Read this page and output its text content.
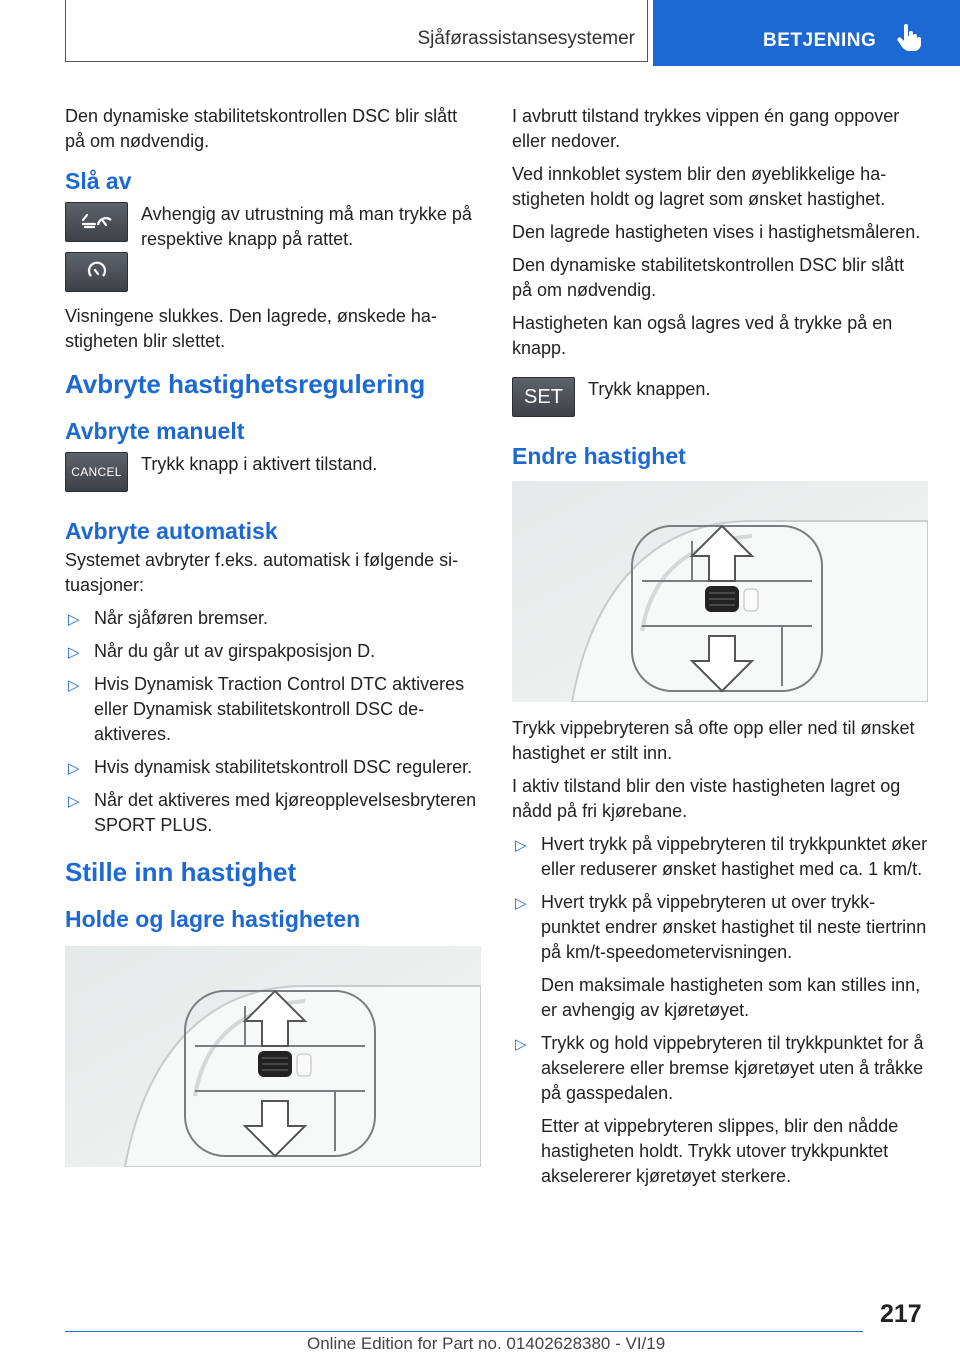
Sjåførassistansesystemer	BETJENING

Den dynamiske stabilitetskontrollen DSC blir slått på om nødvendig.

Slå av
Avhengig av utrustning må man trykke på respektive knapp på rattet.

Visningene slukkes. Den lagrede, ønskede hastigheten blir slettet.

Avbryte hastighetsregulering
Avbryte manuelt
CANCEL	Trykk knapp i aktivert tilstand.
Avbryte automatisk

Systemet avbryter f.eks. automatisk i følgende situasjoner:

▷ Når sjåføren bremser.
▷ Når du går ut av girspakposisjon D.
▷ Hvis Dynamisk Traction Control DTC aktiveres eller Dynamisk stabilitetskontroll DSC deaktiveres.
▷ Hvis dynamisk stabilitetskontroll DSC regulerer.
▷ Når det aktiveres med kjøreopplevelsesbryteren SPORT PLUS.
Stille inn hastighet
Holde og lagre hastigheten

I avbrutt tilstand trykkes vippen én gang oppover eller nedover.

Ved innkoblet system blir den øyeblikkelige hastigheten holdt og lagret som ønsket hastighet.

Den lagrede hastigheten vises i hastighetsmåleren.

Den dynamiske stabilitetskontrollen DSC blir slått på om nødvendig.

Hastigheten kan også lagres ved å trykke på en knapp.

SET	Trykk knappen.
Endre hastighet

Trykk vippebryteren så ofte opp eller ned til ønsket hastighet er stilt inn.

I aktiv tilstand blir den viste hastigheten lagret og nådd på fri kjørebane.

▷ Hvert trykk på vippebryteren til trykkpunktet øker eller reduserer ønsket hastighet med ca. 1 km/t.
▷ Hvert trykk på vippebryteren ut over trykkpunktet endrer ønsket hastighet til neste tiertrinn på km/t-speedometervisningen.
Den maksimale hastigheten som kan stilles inn, er avhengig av kjøretøyet.
▷ Trykk og hold vippebryteren til trykkpunktet for å akselerere eller bremse kjøretøyet uten å tråkke på gasspedalen.
Etter at vippebryteren slippes, blir den nådde hastigheten holdt. Trykk utover trykkpunktet akselererer kjøretøyet sterkere.
217
Online Edition for Part no. 01402628380 - VI/19
